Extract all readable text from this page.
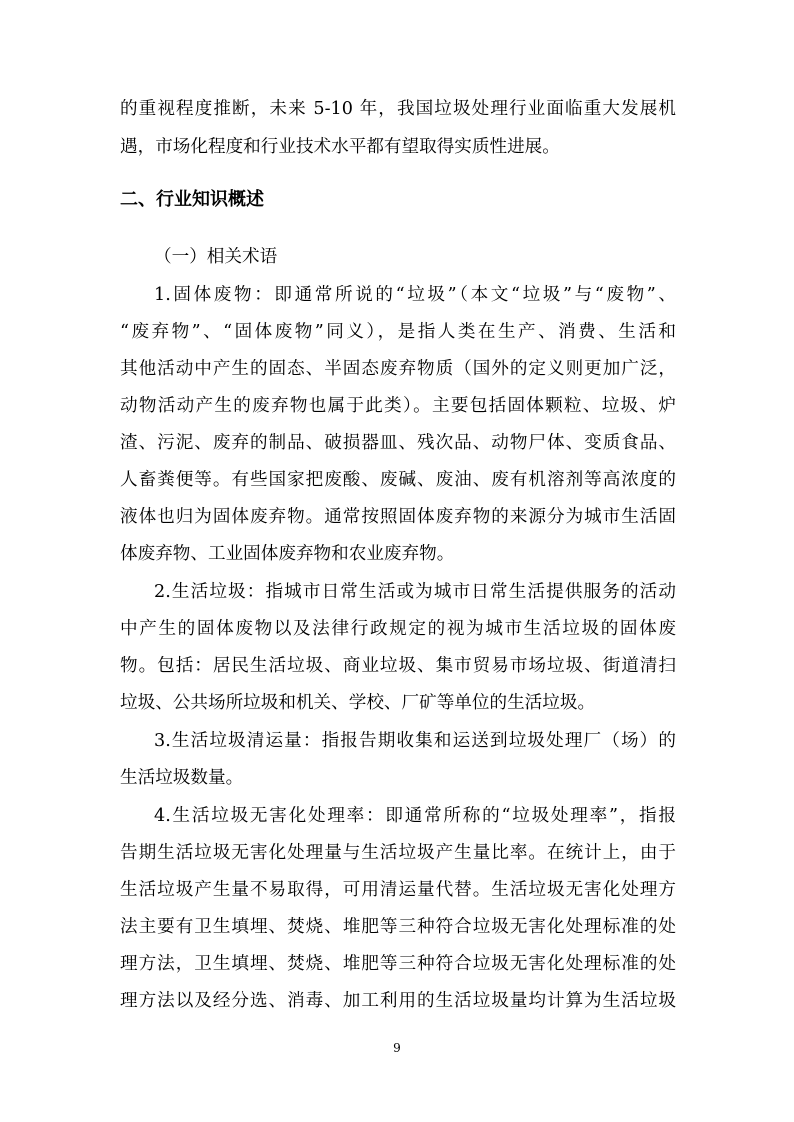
的重视程度推断，未来 5-10 年，我国垃圾处理行业面临重大发展机
遇，市场化程度和行业技术水平都有望取得实质性进展。
二、行业知识概述
（一）相关术语
1.固体废物：即通常所说的“垃圾”（本文“垃圾”与“废物”、
“废弃物”、“固体废物”同义），是指人类在生产、消费、生活和
其他活动中产生的固态、半固态废弃物质（国外的定义则更加广泛，
动物活动产生的废弃物也属于此类）。主要包括固体颗粒、垃圾、炉
渣、污泥、废弃的制品、破损器皿、残次品、动物尸体、变质食品、
人畜粪便等。有些国家把废酸、废碱、废油、废有机溶剂等高浓度的
液体也归为固体废弃物。通常按照固体废弃物的来源分为城市生活固
体废弃物、工业固体废弃物和农业废弃物。
2.生活垃圾：指城市日常生活或为城市日常生活提供服务的活动
中产生的固体废物以及法律行政规定的视为城市生活垃圾的固体废
物。包括：居民生活垃圾、商业垃圾、集市贸易市场垃圾、街道清扫
垃圾、公共场所垃圾和机关、学校、厂矿等单位的生活垃圾。
3.生活垃圾清运量：指报告期收集和运送到垃圾处理厂（场）的
生活垃圾数量。
4.生活垃圾无害化处理率：即通常所称的“垃圾处理率”，指报
告期生活垃圾无害化处理量与生活垃圾产生量比率。在统计上，由于
生活垃圾产生量不易取得，可用清运量代替。生活垃圾无害化处理方
法主要有卫生填埋、焚烧、堆肥等三种符合垃圾无害化处理标准的处
理方法，卫生填埋、焚烧、堆肥等三种符合垃圾无害化处理标准的处
理方法以及经分选、消毒、加工利用的生活垃圾量均计算为生活垃圾
9
